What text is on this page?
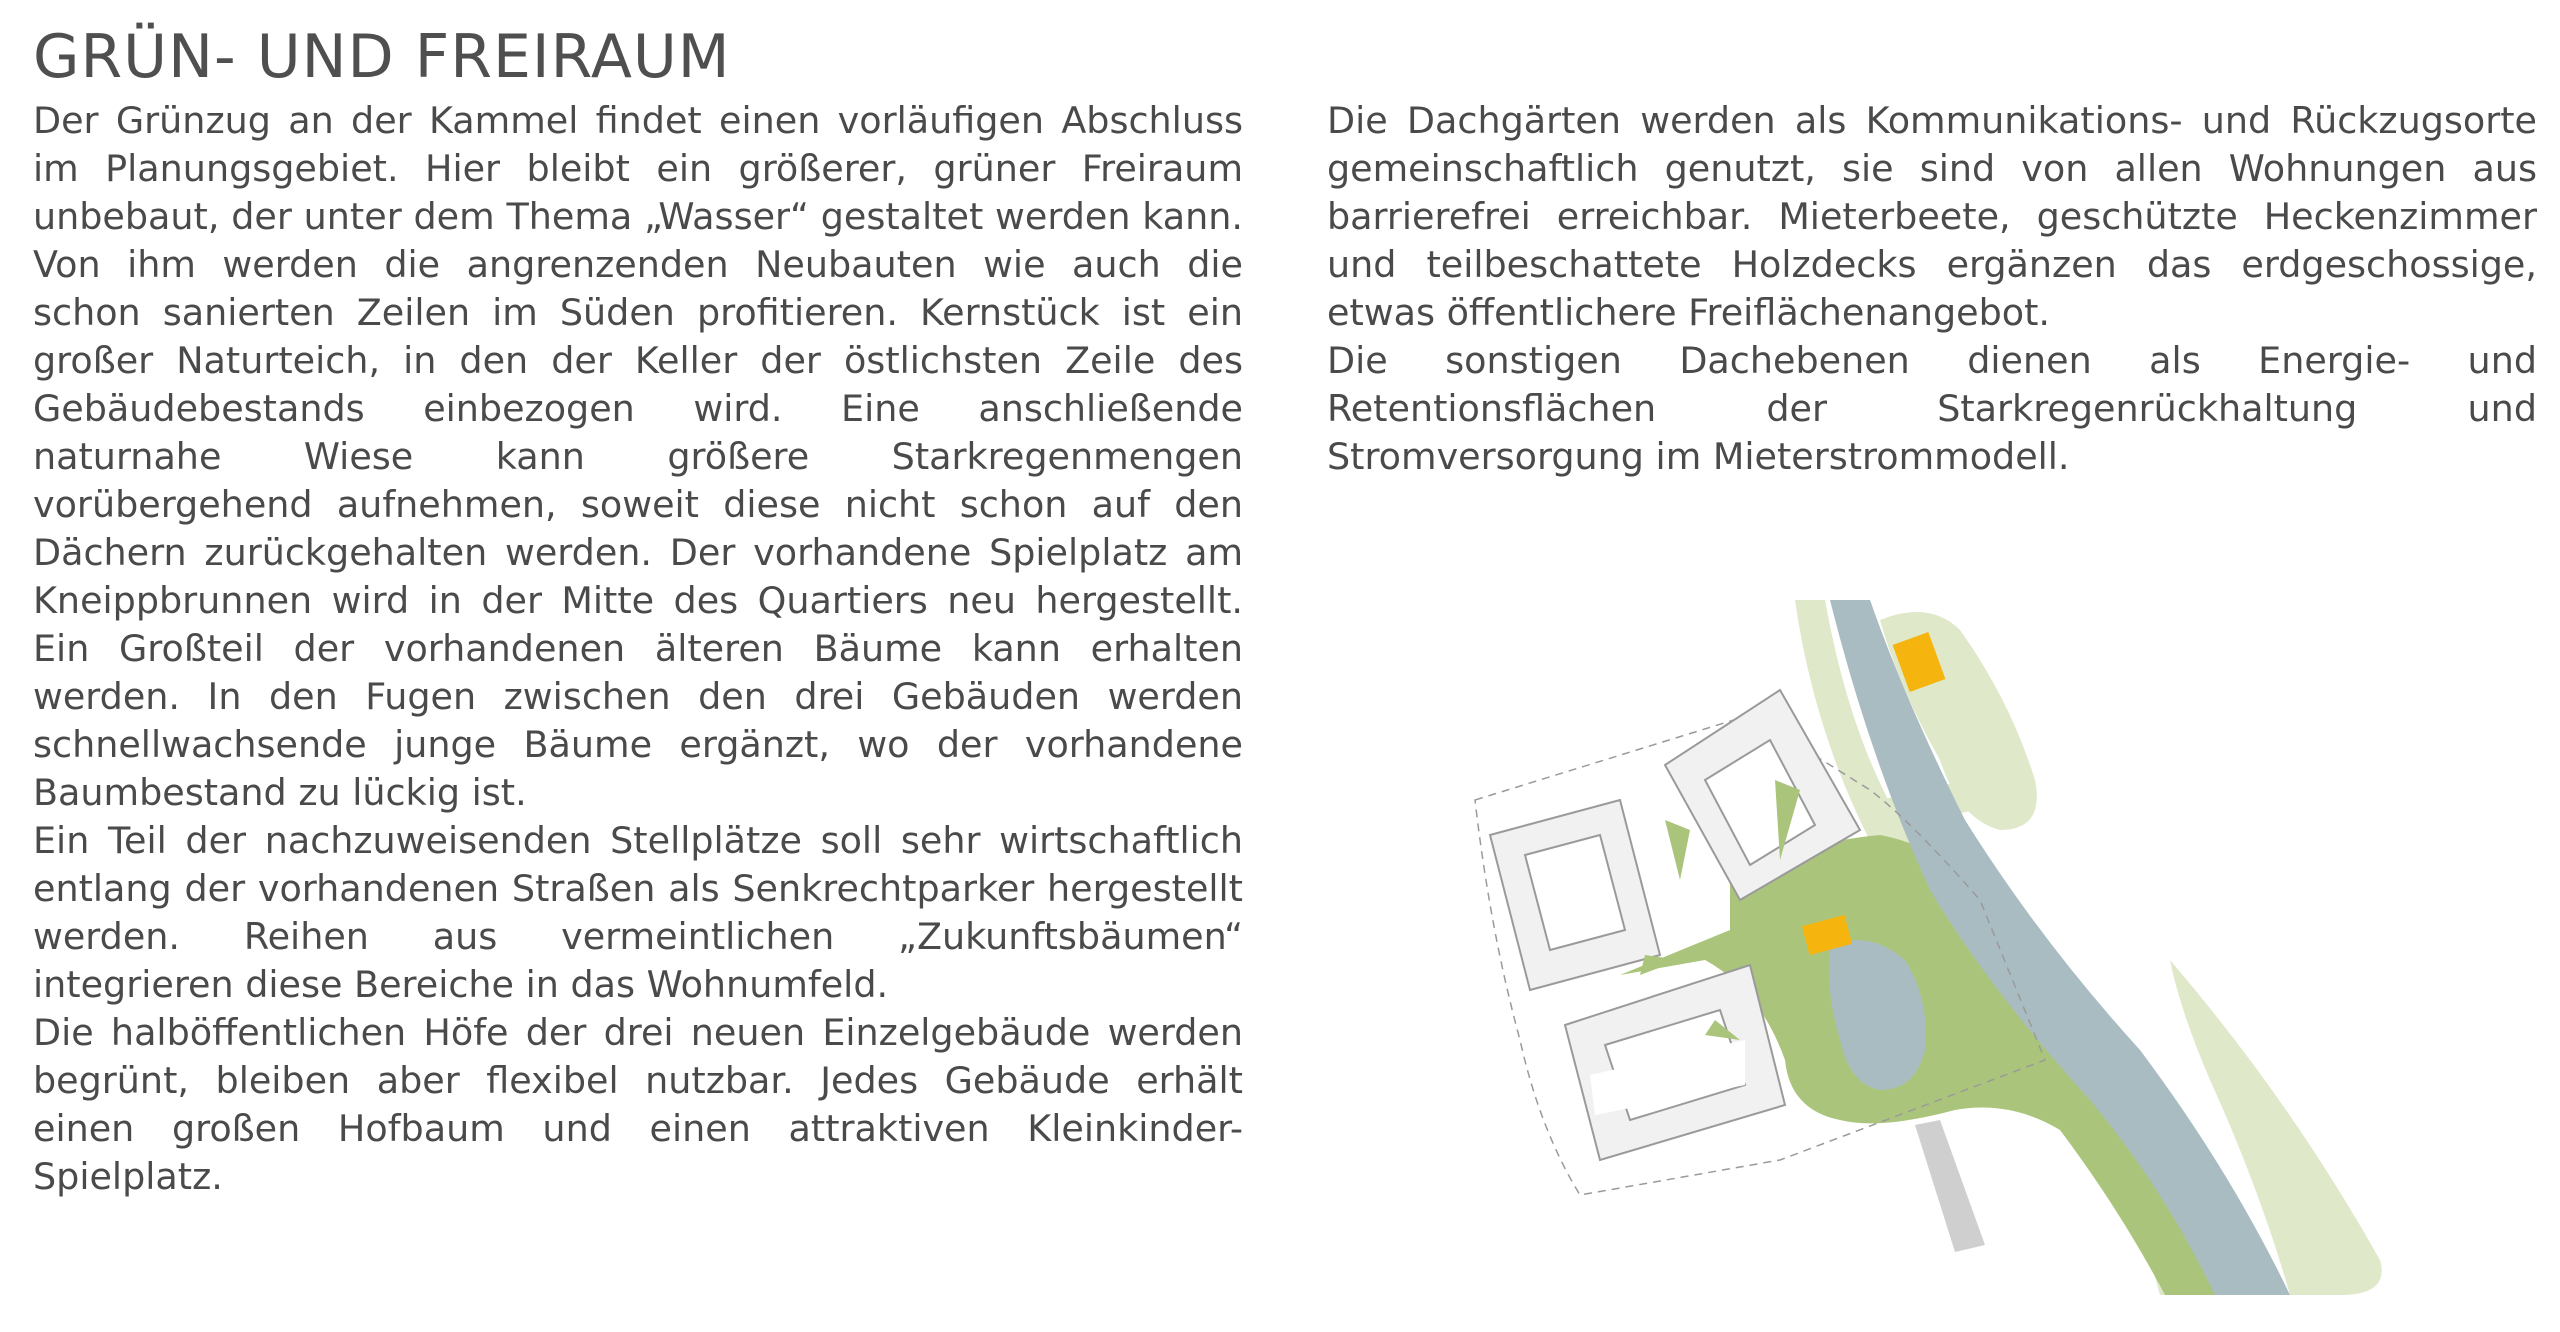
GRÜN- UND FREIRAUM

Der Grünzug an der Kammel findet einen vorläufigen Abschluss im Planungsgebiet. Hier bleibt ein größerer, grüner Freiraum unbebaut, der unter dem Thema „Wasser“ gestaltet werden kann. Von ihm werden die angrenzenden Neubauten wie auch die schon sanierten Zeilen im Süden profitieren. Kernstück ist ein großer Naturteich, in den der Keller der östlichsten Zeile des Gebäudebestands einbezogen wird. Eine anschließende naturnahe Wiese kann größere Starkregenmengen vorübergehend aufnehmen, soweit diese nicht schon auf den Dächern zurückgehalten werden. Der vorhandene Spielplatz am Kneippbrunnen wird in der Mitte des Quartiers neu hergestellt. Ein Großteil der vorhandenen älteren Bäume kann erhalten werden. In den Fugen zwischen den drei Gebäuden werden schnellwachsende junge Bäume ergänzt, wo der vorhandene Baumbestand zu lückig ist.

Ein Teil der nachzuweisenden Stellplätze soll sehr wirtschaftlich entlang der vorhandenen Straßen als Senkrechtparker hergestellt werden. Reihen aus vermeintlichen „Zukunftsbäumen“ integrieren diese Bereiche in das Wohnumfeld.

Die halböffentlichen Höfe der drei neuen Einzelgebäude werden begrünt, bleiben aber flexibel nutzbar. Jedes Gebäude erhält einen großen Hofbaum und einen attraktiven Kleinkinder-Spielplatz.

Die Dachgärten werden als Kommunikations- und Rückzugsorte gemeinschaftlich genutzt, sie sind von allen Wohnungen aus barrierefrei erreichbar. Mieterbeete, geschützte Heckenzimmer und teilbeschattete Holzdecks ergänzen das erdgeschossige, etwas öffentlichere Freiflächenangebot.

Die sonstigen Dachebenen dienen als Energie- und Retentionsflächen der Starkregenrückhaltung und Stromversorgung im Mieterstrommodell.
